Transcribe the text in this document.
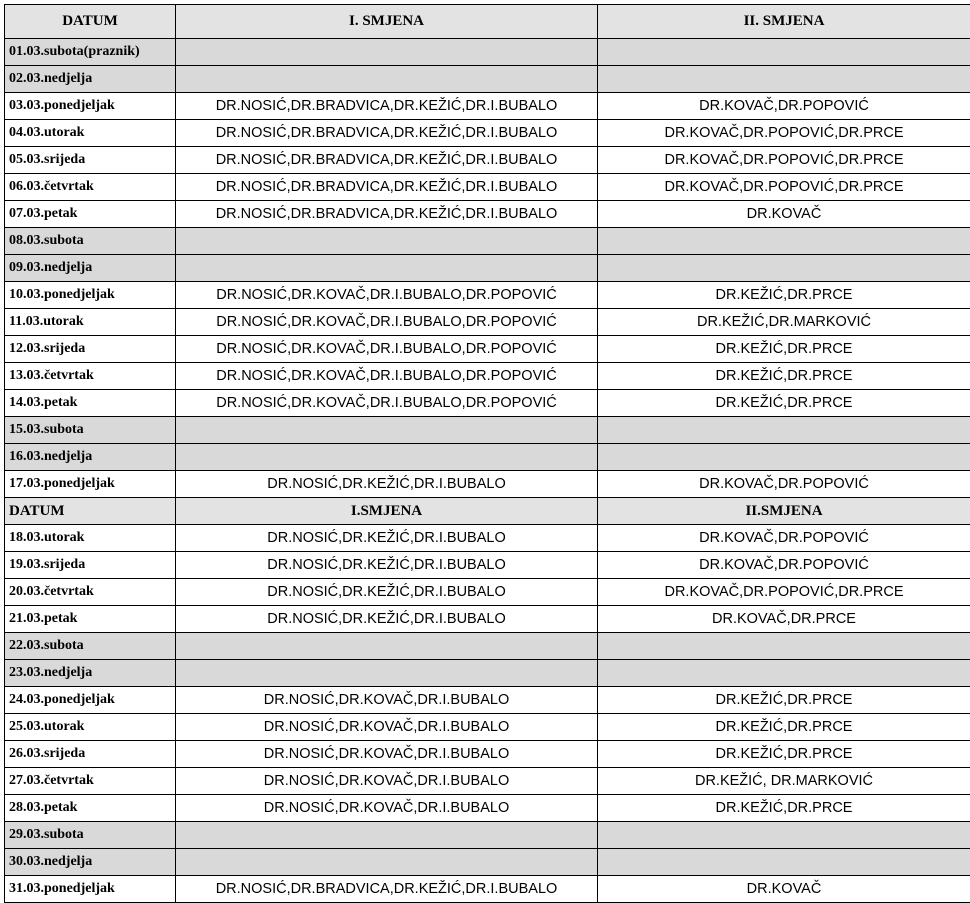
DATUM	I. SMJENA	II. SMJENA
01.03.subota(praznik)		
02.03.nedjelja		
03.03.ponedjeljak	DR.NOSIĆ,DR.BRADVICA,DR.KEŽIĆ,DR.I.BUBALO	DR.KOVAČ,DR.POPOVIĆ
04.03.utorak	DR.NOSIĆ,DR.BRADVICA,DR.KEŽIĆ,DR.I.BUBALO	DR.KOVAČ,DR.POPOVIĆ,DR.PRCE
05.03.srijeda	DR.NOSIĆ,DR.BRADVICA,DR.KEŽIĆ,DR.I.BUBALO	DR.KOVAČ,DR.POPOVIĆ,DR.PRCE
06.03.četvrtak	DR.NOSIĆ,DR.BRADVICA,DR.KEŽIĆ,DR.I.BUBALO	DR.KOVAČ,DR.POPOVIĆ,DR.PRCE
07.03.petak	DR.NOSIĆ,DR.BRADVICA,DR.KEŽIĆ,DR.I.BUBALO	DR.KOVAČ
08.03.subota		
09.03.nedjelja		
10.03.ponedjeljak	DR.NOSIĆ,DR.KOVAČ,DR.I.BUBALO,DR.POPOVIĆ	DR.KEŽIĆ,DR.PRCE
11.03.utorak	DR.NOSIĆ,DR.KOVAČ,DR.I.BUBALO,DR.POPOVIĆ	DR.KEŽIĆ,DR.MARKOVIĆ
12.03.srijeda	DR.NOSIĆ,DR.KOVAČ,DR.I.BUBALO,DR.POPOVIĆ	DR.KEŽIĆ,DR.PRCE
13.03.četvrtak	DR.NOSIĆ,DR.KOVAČ,DR.I.BUBALO,DR.POPOVIĆ	DR.KEŽIĆ,DR.PRCE
14.03.petak	DR.NOSIĆ,DR.KOVAČ,DR.I.BUBALO,DR.POPOVIĆ	DR.KEŽIĆ,DR.PRCE
15.03.subota		
16.03.nedjelja		
17.03.ponedjeljak	DR.NOSIĆ,DR.KEŽIĆ,DR.I.BUBALO	DR.KOVAČ,DR.POPOVIĆ
DATUM	I.SMJENA	II.SMJENA
18.03.utorak	DR.NOSIĆ,DR.KEŽIĆ,DR.I.BUBALO	DR.KOVAČ,DR.POPOVIĆ
19.03.srijeda	DR.NOSIĆ,DR.KEŽIĆ,DR.I.BUBALO	DR.KOVAČ,DR.POPOVIĆ
20.03.četvrtak	DR.NOSIĆ,DR.KEŽIĆ,DR.I.BUBALO	DR.KOVAČ,DR.POPOVIĆ,DR.PRCE
21.03.petak	DR.NOSIĆ,DR.KEŽIĆ,DR.I.BUBALO	DR.KOVAČ,DR.PRCE
22.03.subota		
23.03.nedjelja		
24.03.ponedjeljak	DR.NOSIĆ,DR.KOVAČ,DR.I.BUBALO	DR.KEŽIĆ,DR.PRCE
25.03.utorak	DR.NOSIĆ,DR.KOVAČ,DR.I.BUBALO	DR.KEŽIĆ,DR.PRCE
26.03.srijeda	DR.NOSIĆ,DR.KOVAČ,DR.I.BUBALO	DR.KEŽIĆ,DR.PRCE
27.03.četvrtak	DR.NOSIĆ,DR.KOVAČ,DR.I.BUBALO	DR.KEŽIĆ, DR.MARKOVIĆ
28.03.petak	DR.NOSIĆ,DR.KOVAČ,DR.I.BUBALO	DR.KEŽIĆ,DR.PRCE
29.03.subota		
30.03.nedjelja		
31.03.ponedjeljak	DR.NOSIĆ,DR.BRADVICA,DR.KEŽIĆ,DR.I.BUBALO	DR.KOVAČ
